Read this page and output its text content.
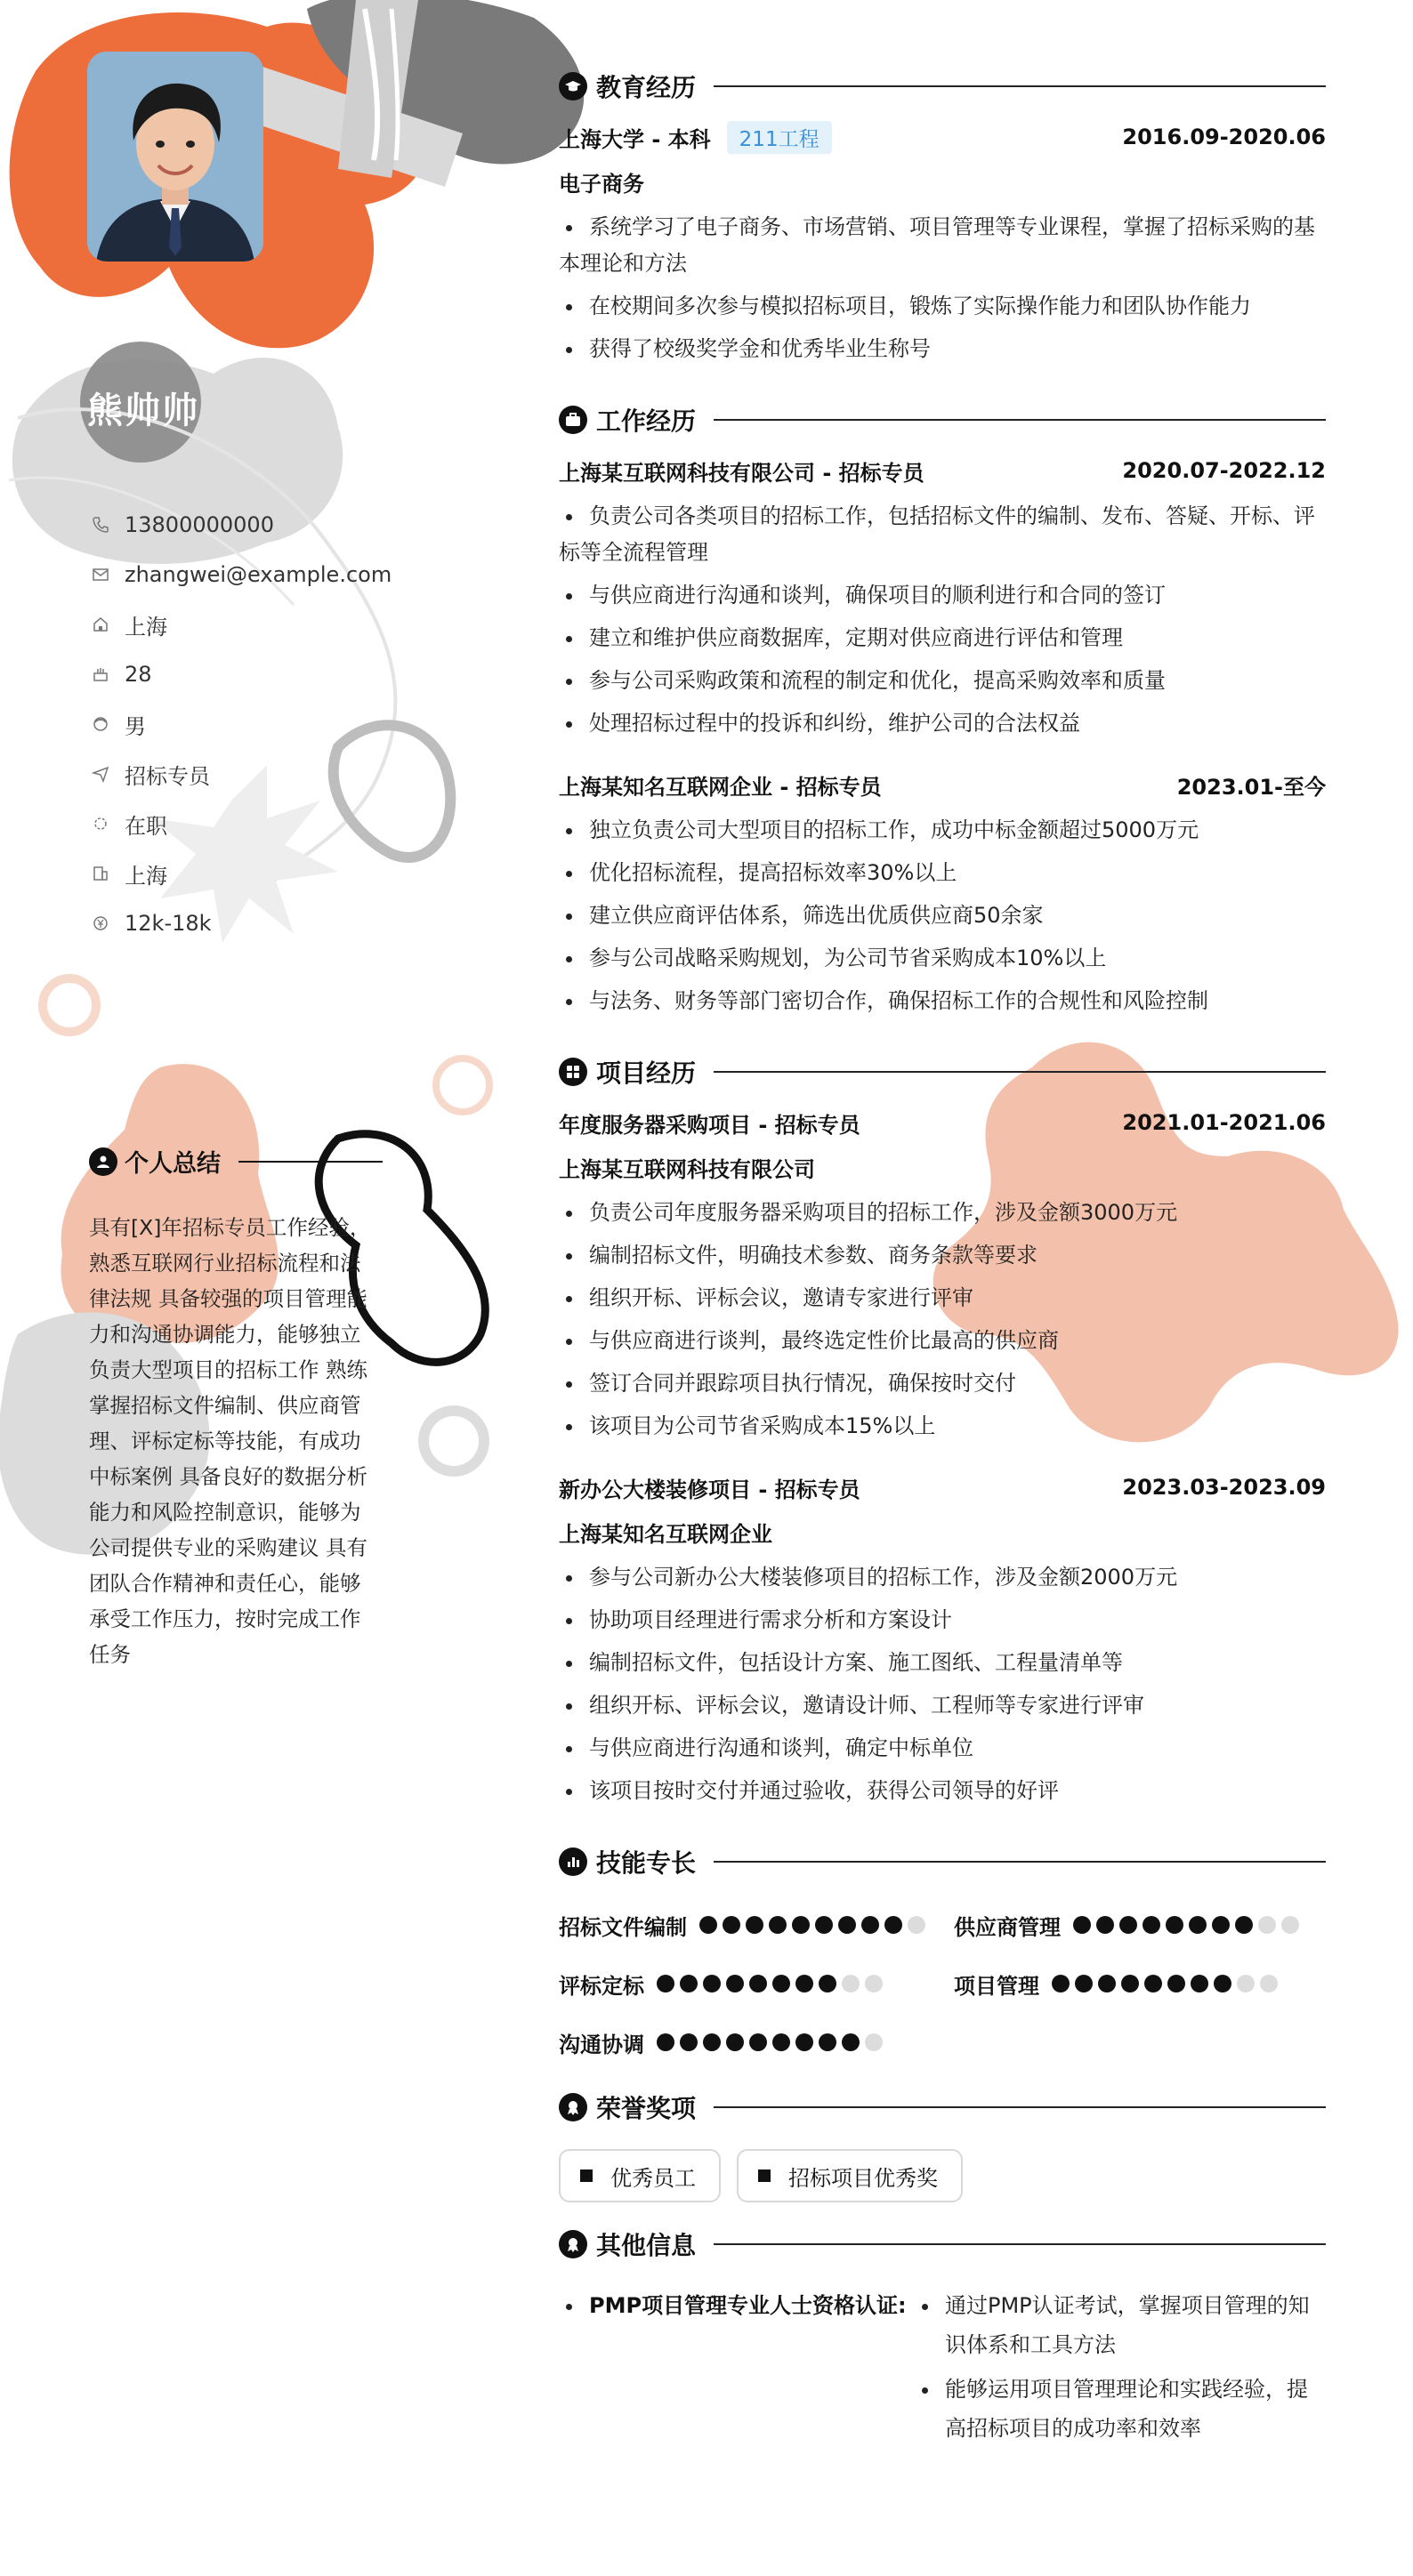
熊帅帅
13800000000
zhangwei@example.com
上海
28
男
招标专员
在职
上海
12k-18k
个人总结
具有[X]年招标专员工作经验，熟悉互联网行业招标流程和法律法规 具备较强的项目管理能力和沟通协调能力，能够独立负责大型项目的招标工作 熟练掌握招标文件编制、供应商管理、评标定标等技能，有成功中标案例 具备良好的数据分析能力和风险控制意识，能够为公司提供专业的采购建议 具有团队合作精神和责任心，能够承受工作压力，按时完成工作任务
教育经历
上海大学 - 本科	211工程	2016.09-2020.06
电子商务
系统学习了电子商务、市场营销、项目管理等专业课程，掌握了招标采购的基本理论和方法
在校期间多次参与模拟招标项目，锻炼了实际操作能力和团队协作能力
获得了校级奖学金和优秀毕业生称号
工作经历
上海某互联网科技有限公司 - 招标专员	2020.07-2022.12
负责公司各类项目的招标工作，包括招标文件的编制、发布、答疑、开标、评标等全流程管理
与供应商进行沟通和谈判，确保项目的顺利进行和合同的签订
建立和维护供应商数据库，定期对供应商进行评估和管理
参与公司采购政策和流程的制定和优化，提高采购效率和质量
处理招标过程中的投诉和纠纷，维护公司的合法权益
上海某知名互联网企业 - 招标专员	2023.01-至今
独立负责公司大型项目的招标工作，成功中标金额超过5000万元
优化招标流程，提高招标效率30%以上
建立供应商评估体系，筛选出优质供应商50余家
参与公司战略采购规划，为公司节省采购成本10%以上
与法务、财务等部门密切合作，确保招标工作的合规性和风险控制
项目经历
年度服务器采购项目 - 招标专员	2021.01-2021.06
上海某互联网科技有限公司
负责公司年度服务器采购项目的招标工作，涉及金额3000万元
编制招标文件，明确技术参数、商务条款等要求
组织开标、评标会议，邀请专家进行评审
与供应商进行谈判，最终选定性价比最高的供应商
签订合同并跟踪项目执行情况，确保按时交付
该项目为公司节省采购成本15%以上
新办公大楼装修项目 - 招标专员	2023.03-2023.09
上海某知名互联网企业
参与公司新办公大楼装修项目的招标工作，涉及金额2000万元
协助项目经理进行需求分析和方案设计
编制招标文件，包括设计方案、施工图纸、工程量清单等
组织开标、评标会议，邀请设计师、工程师等专家进行评审
与供应商进行沟通和谈判，确定中标单位
该项目按时交付并通过验收，获得公司领导的好评
技能专长
招标文件编制	供应商管理
评标定标	项目管理
沟通协调
荣誉奖项
优秀员工	招标项目优秀奖
其他信息
PMP项目管理专业人士资格认证:	通过PMP认证考试，掌握项目管理的知识体系和工具方法
能够运用项目管理理论和实践经验，提高招标项目的成功率和效率
